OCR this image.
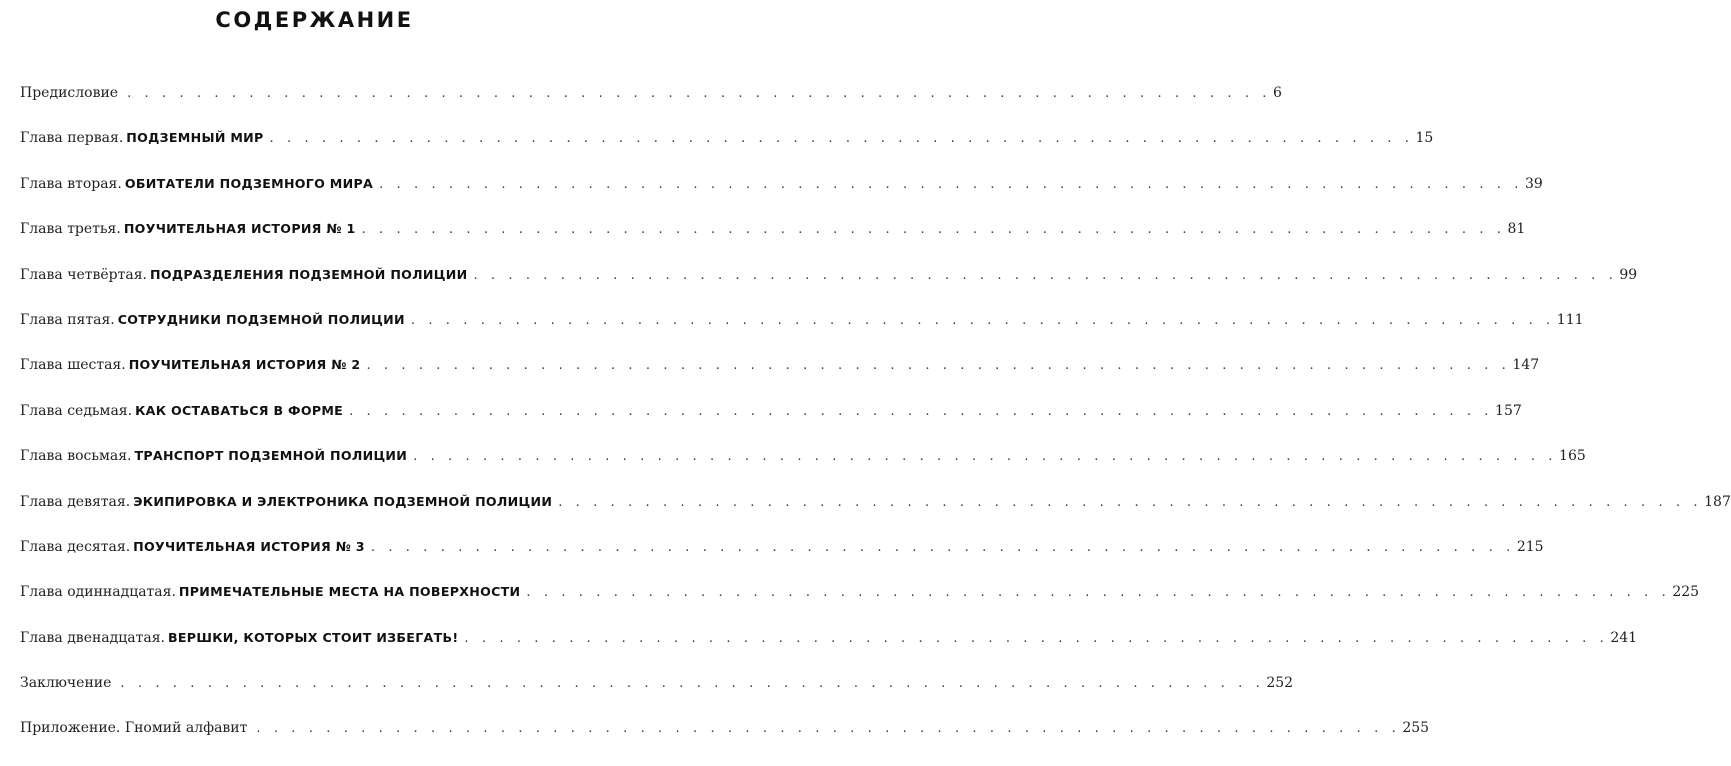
СОДЕРЖАНИЕ
Предисловие . . . . . . . . . . . . . . . . . . . . . . . . . . . . . . . . . . . . . . . . . . . . . . . . . . . . . . . . . . . . . . . . . . 6
Глава первая. ПОДЗЕМНЫЙ МИР . . . . . . . . . . . . . . . . . . . . . . . . . . . . . . . . . . . . . . . . . . . . . . . . . . . . . . . . . . . . . . . . . . 15
Глава вторая. ОБИТАТЕЛИ ПОДЗЕМНОГО МИРА . . . . . . . . . . . . . . . . . . . . . . . . . . . . . . . . . . . . . . . . . . . . . . . . . . . . . . . . . . . . . . . . . . 39
Глава третья. ПОУЧИТЕЛЬНАЯ ИСТОРИЯ № 1 . . . . . . . . . . . . . . . . . . . . . . . . . . . . . . . . . . . . . . . . . . . . . . . . . . . . . . . . . . . . . . . . . . 81
Глава четвёртая. ПОДРАЗДЕЛЕНИЯ ПОДЗЕМНОЙ ПОЛИЦИИ . . . . . . . . . . . . . . . . . . . . . . . . . . . . . . . . . . . . . . . . . . . . . . . . . . . . . . . . . . . . . . . . . . 99
Глава пятая. СОТРУДНИКИ ПОДЗЕМНОЙ ПОЛИЦИИ . . . . . . . . . . . . . . . . . . . . . . . . . . . . . . . . . . . . . . . . . . . . . . . . . . . . . . . . . . . . . . . . . . 111
Глава шестая. ПОУЧИТЕЛЬНАЯ ИСТОРИЯ № 2 . . . . . . . . . . . . . . . . . . . . . . . . . . . . . . . . . . . . . . . . . . . . . . . . . . . . . . . . . . . . . . . . . . 147
Глава седьмая. КАК ОСТАВАТЬСЯ В ФОРМЕ . . . . . . . . . . . . . . . . . . . . . . . . . . . . . . . . . . . . . . . . . . . . . . . . . . . . . . . . . . . . . . . . . . 157
Глава восьмая. ТРАНСПОРТ ПОДЗЕМНОЙ ПОЛИЦИИ . . . . . . . . . . . . . . . . . . . . . . . . . . . . . . . . . . . . . . . . . . . . . . . . . . . . . . . . . . . . . . . . . . 165
Глава девятая. ЭКИПИРОВКА И ЭЛЕКТРОНИКА ПОДЗЕМНОЙ ПОЛИЦИИ . . . . . . . . . . . . . . . . . . . . . . . . . . . . . . . . . . . . . . . . . . . . . . . . . . . . . . . . . . . . . . . . . . 187
Глава десятая. ПОУЧИТЕЛЬНАЯ ИСТОРИЯ № 3 . . . . . . . . . . . . . . . . . . . . . . . . . . . . . . . . . . . . . . . . . . . . . . . . . . . . . . . . . . . . . . . . . . 215
Глава одиннадцатая. ПРИМЕЧАТЕЛЬНЫЕ МЕСТА НА ПОВЕРХНОСТИ . . . . . . . . . . . . . . . . . . . . . . . . . . . . . . . . . . . . . . . . . . . . . . . . . . . . . . . . . . . . . . . . . . 225
Глава двенадцатая. ВЕРШКИ, КОТОРЫХ СТОИТ ИЗБЕГАТЬ! . . . . . . . . . . . . . . . . . . . . . . . . . . . . . . . . . . . . . . . . . . . . . . . . . . . . . . . . . . . . . . . . . . 241
Заключение . . . . . . . . . . . . . . . . . . . . . . . . . . . . . . . . . . . . . . . . . . . . . . . . . . . . . . . . . . . . . . . . . . 252
Приложение. Гномий алфавит . . . . . . . . . . . . . . . . . . . . . . . . . . . . . . . . . . . . . . . . . . . . . . . . . . . . . . . . . . . . . . . . . . 255
